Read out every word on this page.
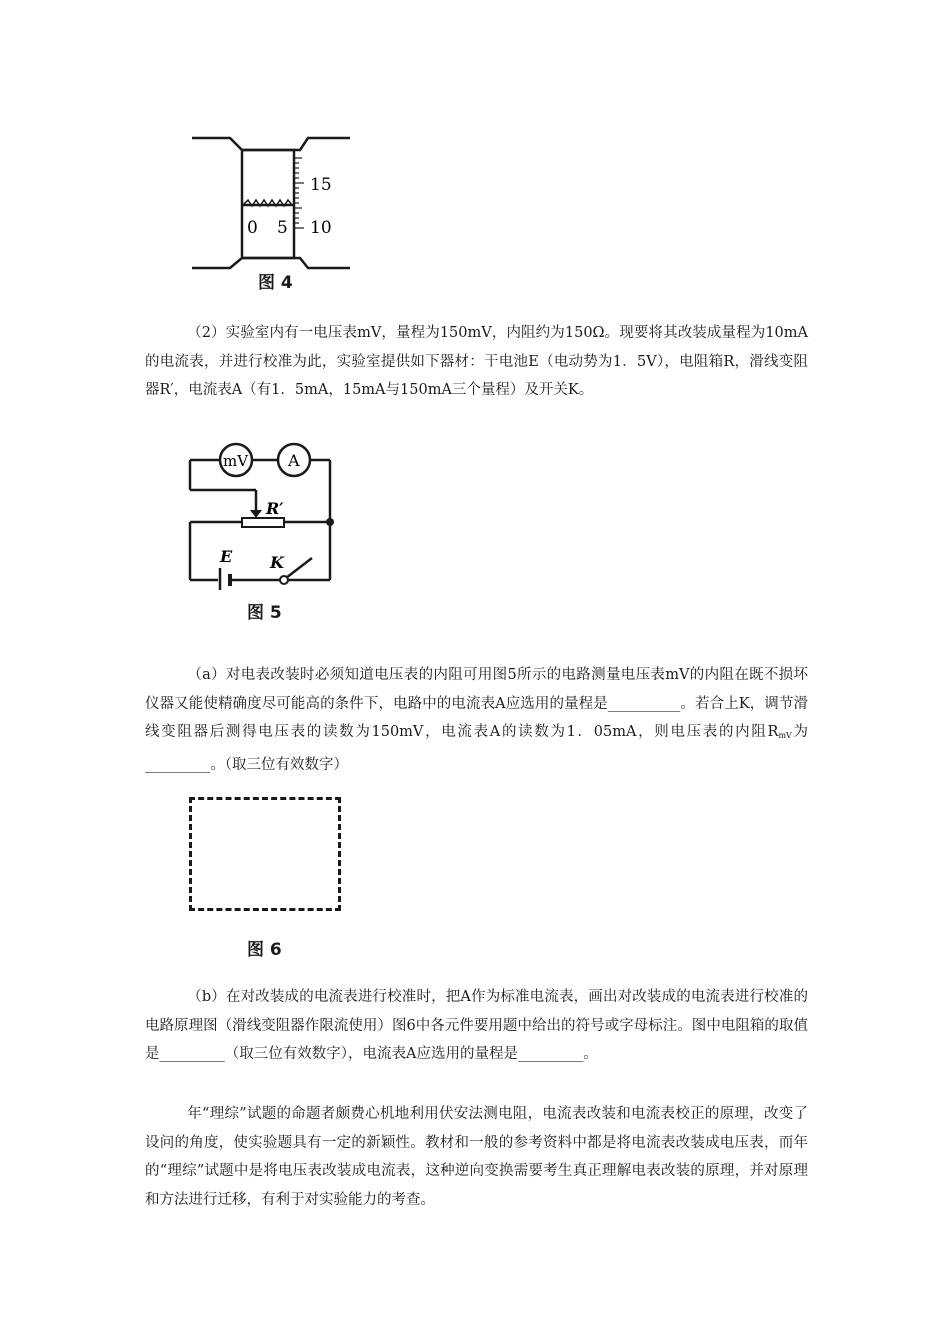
15
10
0 5
图 4

（2）实验室内有一电压表mV，量程为150mV，内阻约为150Ω。现要将其改装成量程为10mA的电流表，并进行校准为此，实验室提供如下器材：干电池E（电动势为1．5V），电阻箱R，滑线变阻器R′，电流表A（有1．5mA，15mA与150mA三个量程）及开关K。

mV A
R′
E K
图 5

（a）对电表改装时必须知道电压表的内阻可用图5所示的电路测量电压表mV的内阻在既不损坏仪器又能使精确度尽可能高的条件下，电路中的电流表A应选用的量程是__________。若合上K，调节滑线变阻器后测得电压表的读数为150mV，电流表A的读数为1．05mA，则电压表的内阻$R_{mV}$为_________。（取三位有效数字）

图 6

（b）在对改装成的电流表进行校准时，把A作为标准电流表，画出对改装成的电流表进行校准的电路原理图（滑线变阻器作限流使用）图6中各元件要用题中给出的符号或字母标注。图中电阻箱的取值是_________（取三位有效数字），电流表A应选用的量程是_________。

年“理综”试题的命题者颇费心机地利用伏安法测电阻，电流表改装和电流表校正的原理，改变了设问的角度，使实验题具有一定的新颖性。教材和一般的参考资料中都是将电流表改装成电压表，而年的“理综”试题中是将电压表改装成电流表，这种逆向变换需要考生真正理解电表改装的原理，并对原理和方法进行迁移，有利于对实验能力的考查。
